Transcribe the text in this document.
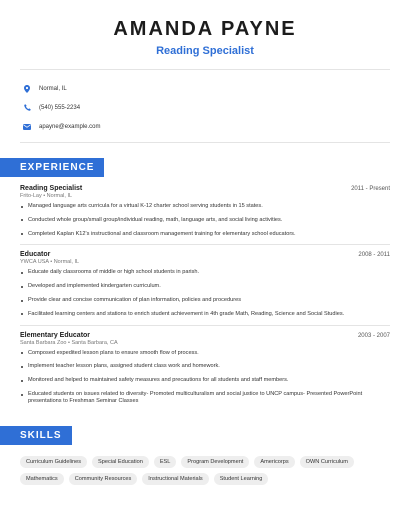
AMANDA PAYNE
Reading Specialist
Normal, IL
(540) 555-2234
apayne@example.com
EXPERIENCE
Reading Specialist	2011 - Present
Frito-Lay • Normal, IL
Managed language arts curricula for a virtual K-12 charter school serving students in 15 states.
Conducted whole group/small group/individual reading, math, language arts, and social living activities.
Completed Kaplan K12's instructional and classroom management training for elementary school educators.
Educator	2008 - 2011
YWCA USA • Normal, IL
Educate daily classrooms of middle or high school students in parish.
Developed and implemented kindergarten curriculum.
Provide clear and concise communication of plan information, policies and procedures
Facilitated learning centers and stations to enrich student achievement in 4th grade Math, Reading, Science and Social Studies.
Elementary Educator	2003 - 2007
Santa Barbara Zoo • Santa Barbara, CA
Composed expedited lesson plans to ensure smooth flow of process.
Implement teacher lesson plans, assigned student class work and homework.
Monitored and helped to maintained safety measures and precautions for all students and staff members.
Educated students on issues related to diversity- Promoted multiculturalism and social justice to UNCP campus- Presented PowerPoint presentations to Freshman Seminar Classes
SKILLS
Curriculum Guidelines	Special Education	ESL	Program Development	Americorps	OWN Curriculum
Mathematics	Community Resources	Instructional Materials	Student Learning
